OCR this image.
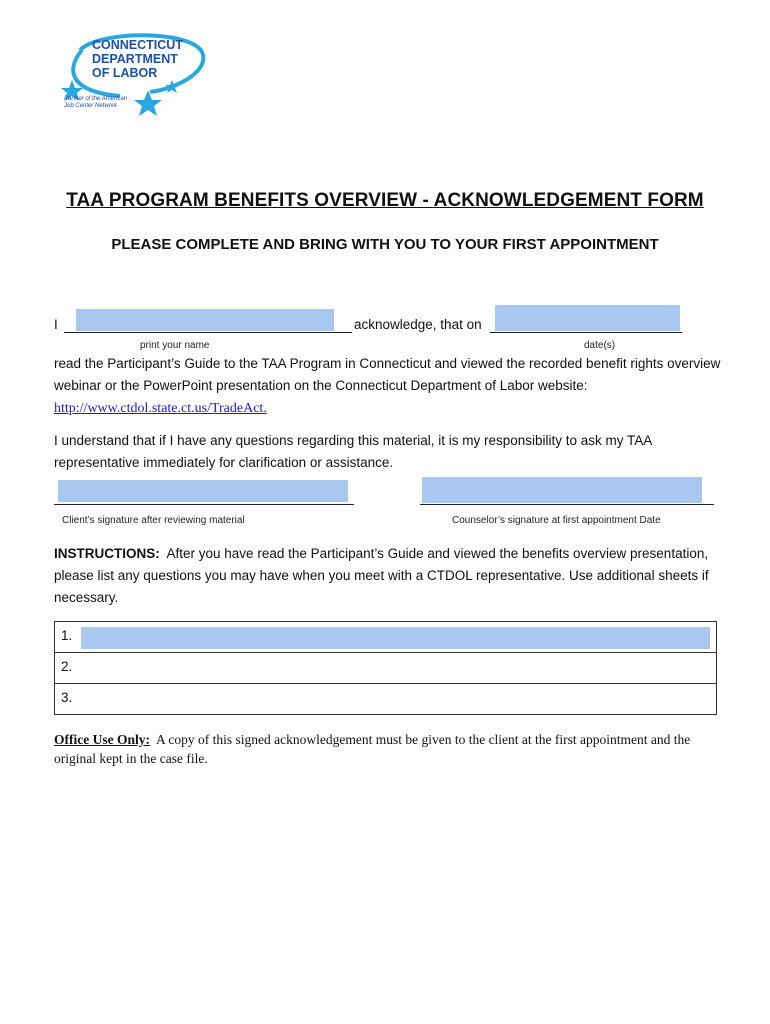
CONNECTICUT
DEPARTMENT
OF LABOR
Partner of the American
Job Center Network
TAA PROGRAM BENEFITS OVERVIEW - ACKNOWLEDGEMENT FORM
PLEASE COMPLETE AND BRING WITH YOU TO YOUR FIRST APPOINTMENT
I	acknowledge, that on
print your name	date(s)
read the Participant’s Guide to the TAA Program in Connecticut and viewed the recorded benefit rights overview webinar or the PowerPoint presentation on the Connecticut Department of Labor website:
http://www.ctdol.state.ct.us/TradeAct.
I understand that if I have any questions regarding this material, it is my responsibility to ask my TAA representative immediately for clarification or assistance.
Client’s signature after reviewing material	Counselor’s signature at first appointment Date
INSTRUCTIONS: After you have read the Participant’s Guide and viewed the benefits overview presentation, please list any questions you may have when you meet with a CTDOL representative. Use additional sheets if necessary.
1.
2.
3.
Office Use Only: A copy of this signed acknowledgement must be given to the client at the first appointment and the original kept in the case file.
